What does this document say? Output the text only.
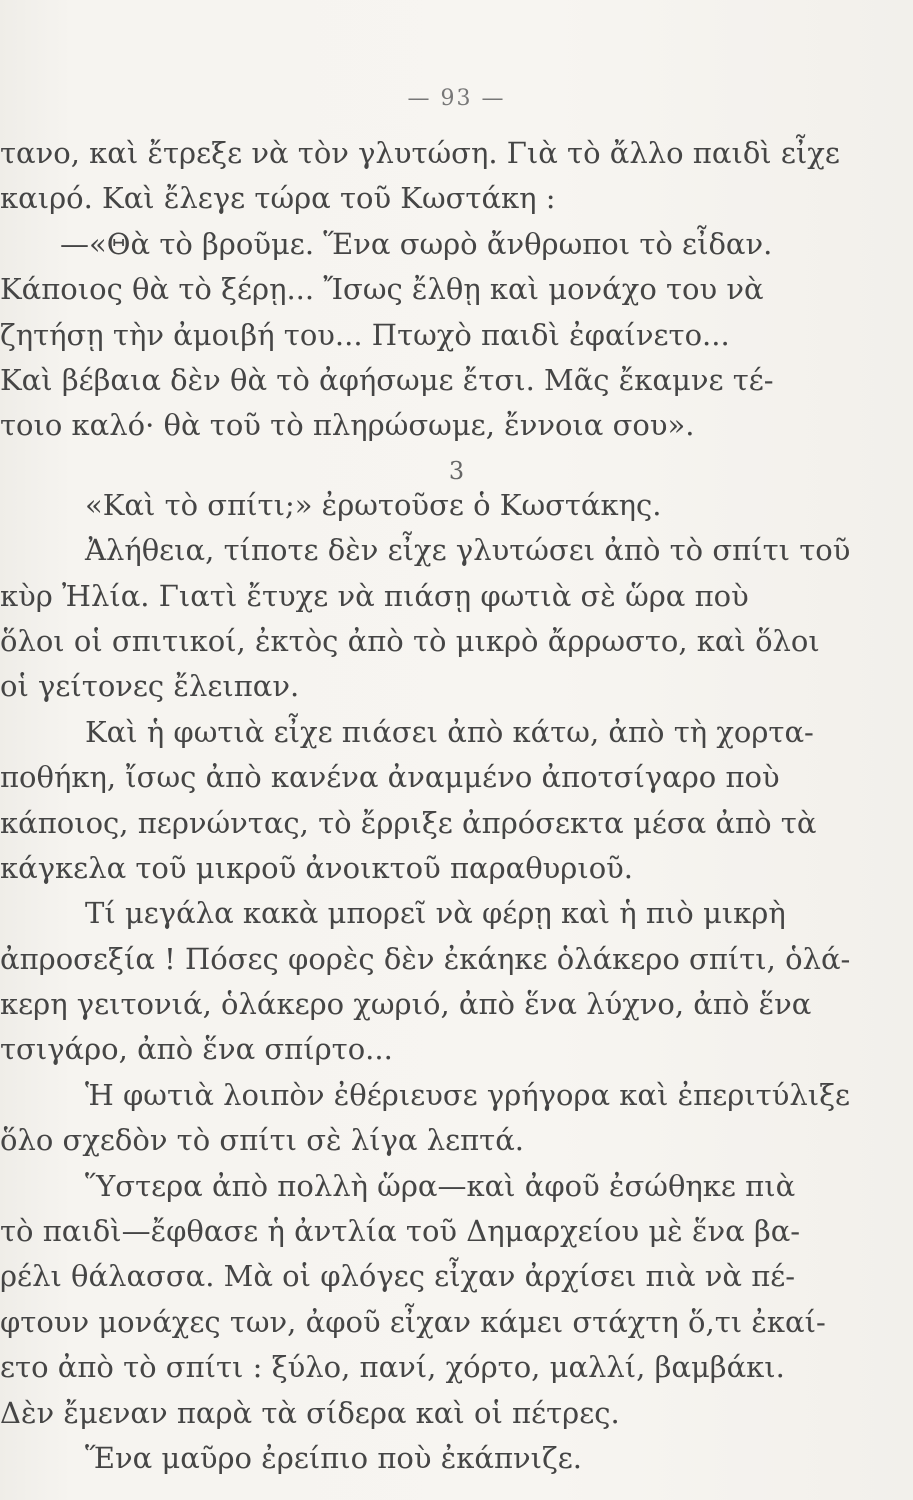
— 93 —
τανο, καὶ ἔτρεξε νὰ τὸν γλυτώση. Γιὰ τὸ ἄλλο παιδὶ εἶχε
καιρό. Καὶ ἔλεγε τώρα τοῦ Κωστάκη :
—«Θὰ τὸ βροῦμε. Ἕνα σωρὸ ἄνθρωποι τὸ εἶδαν.
Κάποιος θὰ τὸ ξέρῃ... Ἴσως ἔλθῃ καὶ μονάχο του νὰ
ζητήσῃ τὴν ἀμοιβή του... Πτωχὸ παιδὶ ἐφαίνετο...
Καὶ βέβαια δὲν θὰ τὸ ἀφήσωμε ἔτσι. Μᾶς ἔκαμνε τέ-
τοιο καλό· θὰ τοῦ τὸ πληρώσωμε, ἔννοια σου».
3
«Καὶ τὸ σπίτι;» ἐρωτοῦσε ὁ Κωστάκης.
Ἀλήθεια, τίποτε δὲν εἶχε γλυτώσει ἀπὸ τὸ σπίτι τοῦ
κὺρ Ἠλία. Γιατὶ ἔτυχε νὰ πιάσῃ φωτιὰ σὲ ὥρα ποὺ
ὅλοι οἱ σπιτικοί, ἐκτὸς ἀπὸ τὸ μικρὸ ἄρρωστο, καὶ ὅλοι
οἱ γείτονες ἔλειπαν.
Καὶ ἡ φωτιὰ εἶχε πιάσει ἀπὸ κάτω, ἀπὸ τὴ χορτα-
ποθήκη, ἴσως ἀπὸ κανένα ἀναμμένο ἀποτσίγαρο ποὺ
κάποιος, περνώντας, τὸ ἔρριξε ἀπρόσεκτα μέσα ἀπὸ τὰ
κάγκελα τοῦ μικροῦ ἀνοικτοῦ παραθυριοῦ.
Τί μεγάλα κακὰ μπορεῖ νὰ φέρῃ καὶ ἡ πιὸ μικρὴ
ἀπροσεξία ! Πόσες φορὲς δὲν ἐκάηκε ὁλάκερο σπίτι, ὁλά-
κερη γειτονιά, ὁλάκερο χωριό, ἀπὸ ἕνα λύχνο, ἀπὸ ἕνα
τσιγάρο, ἀπὸ ἕνα σπίρτο...
Ἡ φωτιὰ λοιπὸν ἐθέριευσε γρήγορα καὶ ἐπεριτύλιξε
ὅλο σχεδὸν τὸ σπίτι σὲ λίγα λεπτά.
Ὕστερα ἀπὸ πολλὴ ὥρα—καὶ ἀφοῦ ἐσώθηκε πιὰ
τὸ παιδὶ—ἔφθασε ἡ ἀντλία τοῦ Δημαρχείου μὲ ἕνα βα-
ρέλι θάλασσα. Μὰ οἱ φλόγες εἶχαν ἀρχίσει πιὰ νὰ πέ-
φτουν μονάχες των, ἀφοῦ εἶχαν κάμει στάχτη ὅ,τι ἐκαί-
ετο ἀπὸ τὸ σπίτι : ξύλο, πανί, χόρτο, μαλλί, βαμβάκι.
Δὲν ἔμεναν παρὰ τὰ σίδερα καὶ οἱ πέτρες.
Ἕνα μαῦρο ἐρείπιο ποὺ ἐκάπνιζε.
